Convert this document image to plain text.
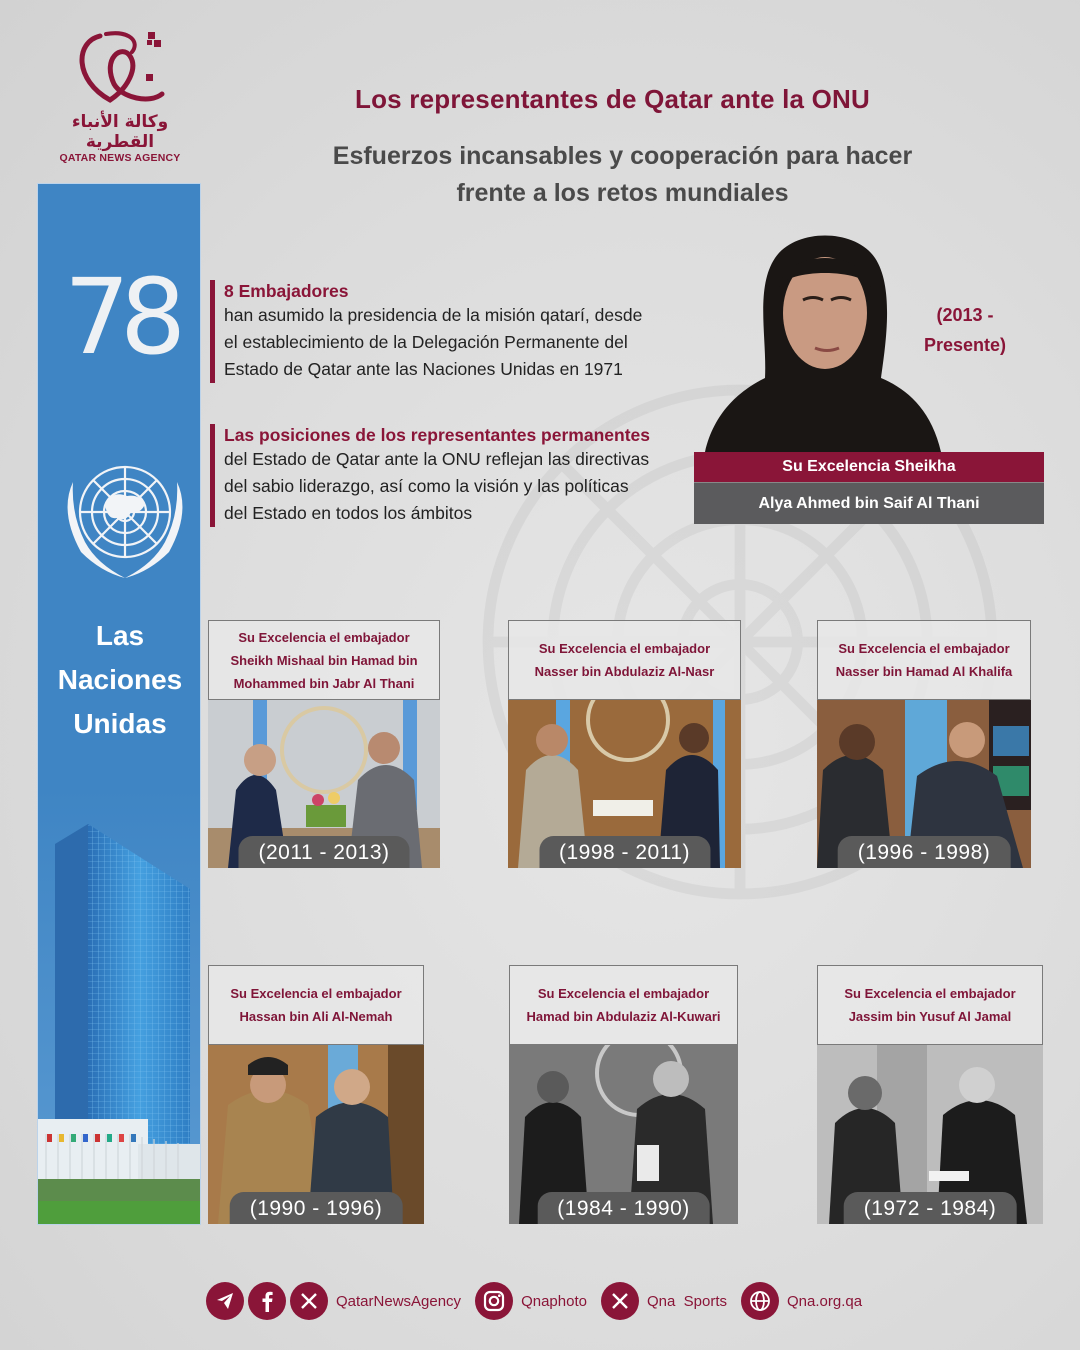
وكالة الأنباء القطرية
QATAR NEWS AGENCY
Los representantes de Qatar ante la ONU
Esfuerzos incansables y cooperación para hacer
frente a los retos mundiales
78
Las
Naciones
Unidas
8 Embajadores
han asumido la presidencia de la misión qatarí, desde
el establecimiento de la Delegación Permanente del
Estado de Qatar ante las Naciones Unidas en 1971
Las posiciones de los representantes permanentes
del Estado de Qatar ante la ONU reflejan las directivas
del sabio liderazgo, así como la visión y las políticas
del Estado en todos los ámbitos
(2013 -
Presente)
Su Excelencia Sheikha
Alya Ahmed bin Saif Al Thani
Su Excelencia el embajador
Sheikh Mishaal bin Hamad bin
Mohammed bin Jabr Al Thani
(2011 - 2013)
Su Excelencia el embajador
Nasser bin Abdulaziz Al-Nasr
(1998 - 2011)
Su Excelencia el embajador
Nasser bin Hamad Al Khalifa
(1996 - 1998)
Su Excelencia el embajador
Hassan bin Ali Al-Nemah
(1990 - 1996)
Su Excelencia el embajador
Hamad bin Abdulaziz Al-Kuwari
(1984 - 1990)
Su Excelencia el embajador
Jassim bin Yusuf Al Jamal
(1972 - 1984)
QatarNewsAgency	Qnaphoto	Qna  Sports	Qna.org.qa
